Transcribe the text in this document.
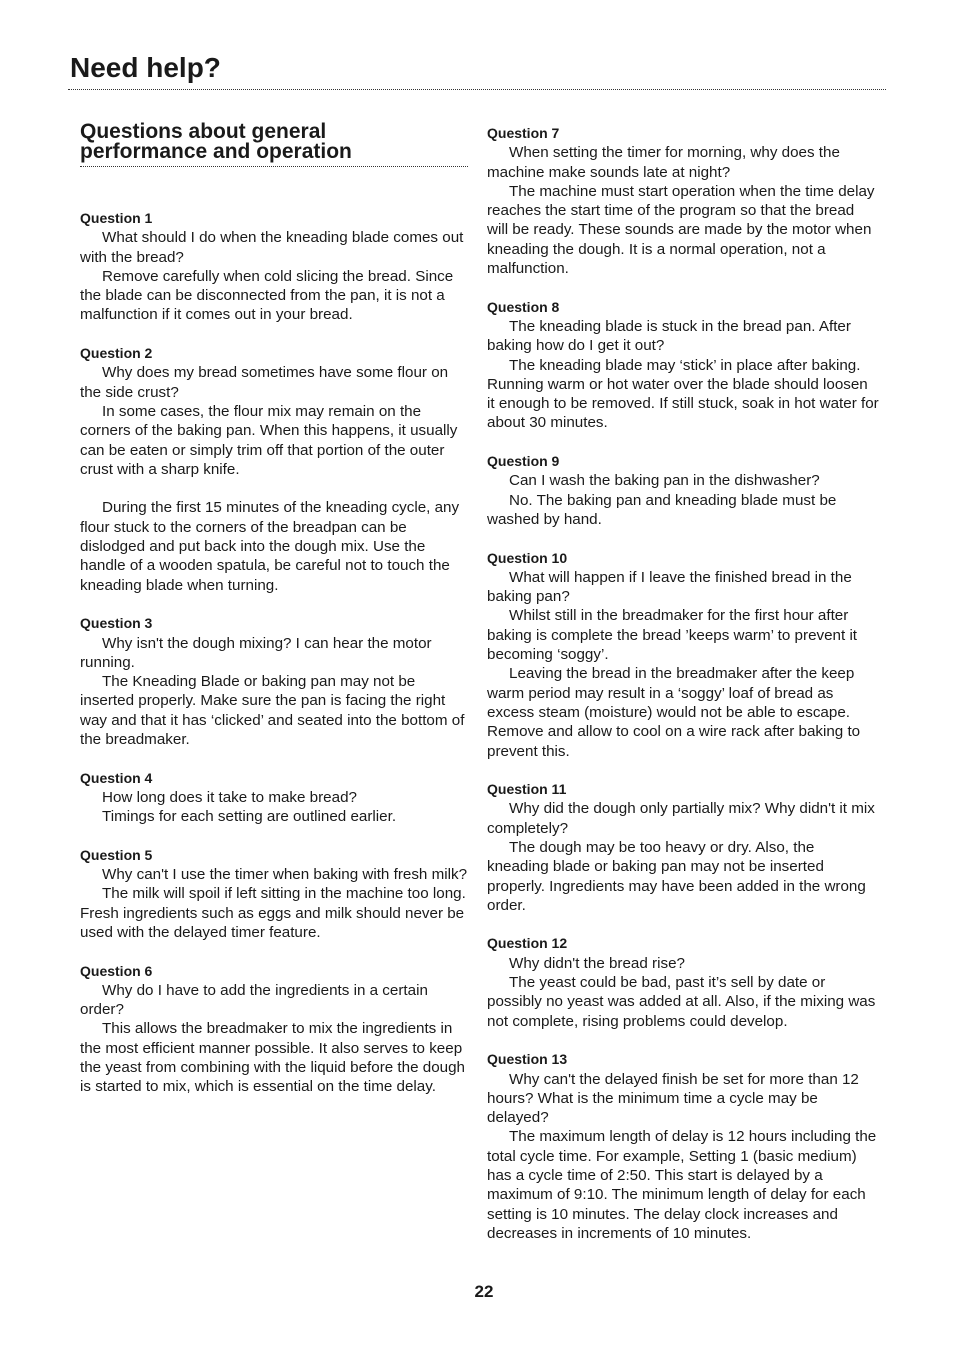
Need help?
Questions about general
performance and operation
Question 1
What should I do when the kneading blade comes out with the bread?
Remove carefully when cold slicing the bread. Since the blade can be disconnected from the pan, it is not a malfunction if it comes out in your bread.
Question 2
Why does my bread sometimes have some flour on the side crust?
In some cases, the flour mix may remain on the corners of the baking pan. When this happens, it usually can be eaten or simply trim off that portion of the outer crust with a sharp knife.
During the first 15 minutes of the kneading cycle, any flour stuck to the corners of the breadpan can be dislodged and put back into the dough mix. Use the handle of a wooden spatula, be careful not to touch the kneading blade when turning.
Question 3
Why isn't the dough mixing? I can hear the motor running.
The Kneading Blade or baking pan may not be inserted properly. Make sure the pan is facing the right way and that it has ‘clicked’ and seated into the bottom of the breadmaker.
Question 4
How long does it take to make bread?
Timings for each setting are outlined earlier.
Question 5
Why can't I use the timer when baking with fresh milk?
The milk will spoil if left sitting in the machine too long. Fresh ingredients such as eggs and milk should never be used with the delayed timer feature.
Question 6
Why do I have to add the ingredients in a certain order?
This allows the breadmaker to mix the ingredients in the most efficient manner possible. It also serves to keep the yeast from combining with the liquid before the dough is started to mix, which is essential on the time delay.
Question 7
When setting the timer for morning, why does the machine make sounds late at night?
The machine must start operation when the time delay reaches the start time of the program so that the bread will be ready. These sounds are made by the motor when kneading the dough. It is a normal operation, not a malfunction.
Question 8
The kneading blade is stuck in the bread pan. After baking how do I get it out?
The kneading blade may ‘stick’ in place after baking. Running warm or hot water over the blade should loosen it enough to be removed. If still stuck, soak in hot water for about 30 minutes.
Question 9
Can I wash the baking pan in the dishwasher?
No. The baking pan and kneading blade must be washed by hand.
Question 10
What will happen if I leave the finished bread in the baking pan?
Whilst still in the breadmaker for the first hour after baking is complete the bread ’keeps warm’ to prevent it becoming ‘soggy’.
Leaving the bread in the breadmaker after the keep warm period may result in a ‘soggy’ loaf of bread as excess steam (moisture) would not be able to escape. Remove and allow to cool on a wire rack after baking to prevent this.
Question 11
Why did the dough only partially mix? Why didn't it mix completely?
The dough may be too heavy or dry. Also, the kneading blade or baking pan may not be inserted properly. Ingredients may have been added in the wrong order.
Question 12
Why didn't the bread rise?
The yeast could be bad, past it’s sell by date or possibly no yeast was added at all. Also, if the mixing was not complete, rising problems could develop.
Question 13
Why can't the delayed finish be set for more than 12 hours? What is the minimum time a cycle may be delayed?
The maximum length of delay is 12 hours including the total cycle time. For example, Setting 1 (basic medium) has a cycle time of 2:50. This start is delayed by a maximum of 9:10. The minimum length of delay for each setting is 10 minutes. The delay clock increases and decreases in increments of 10 minutes.
22
